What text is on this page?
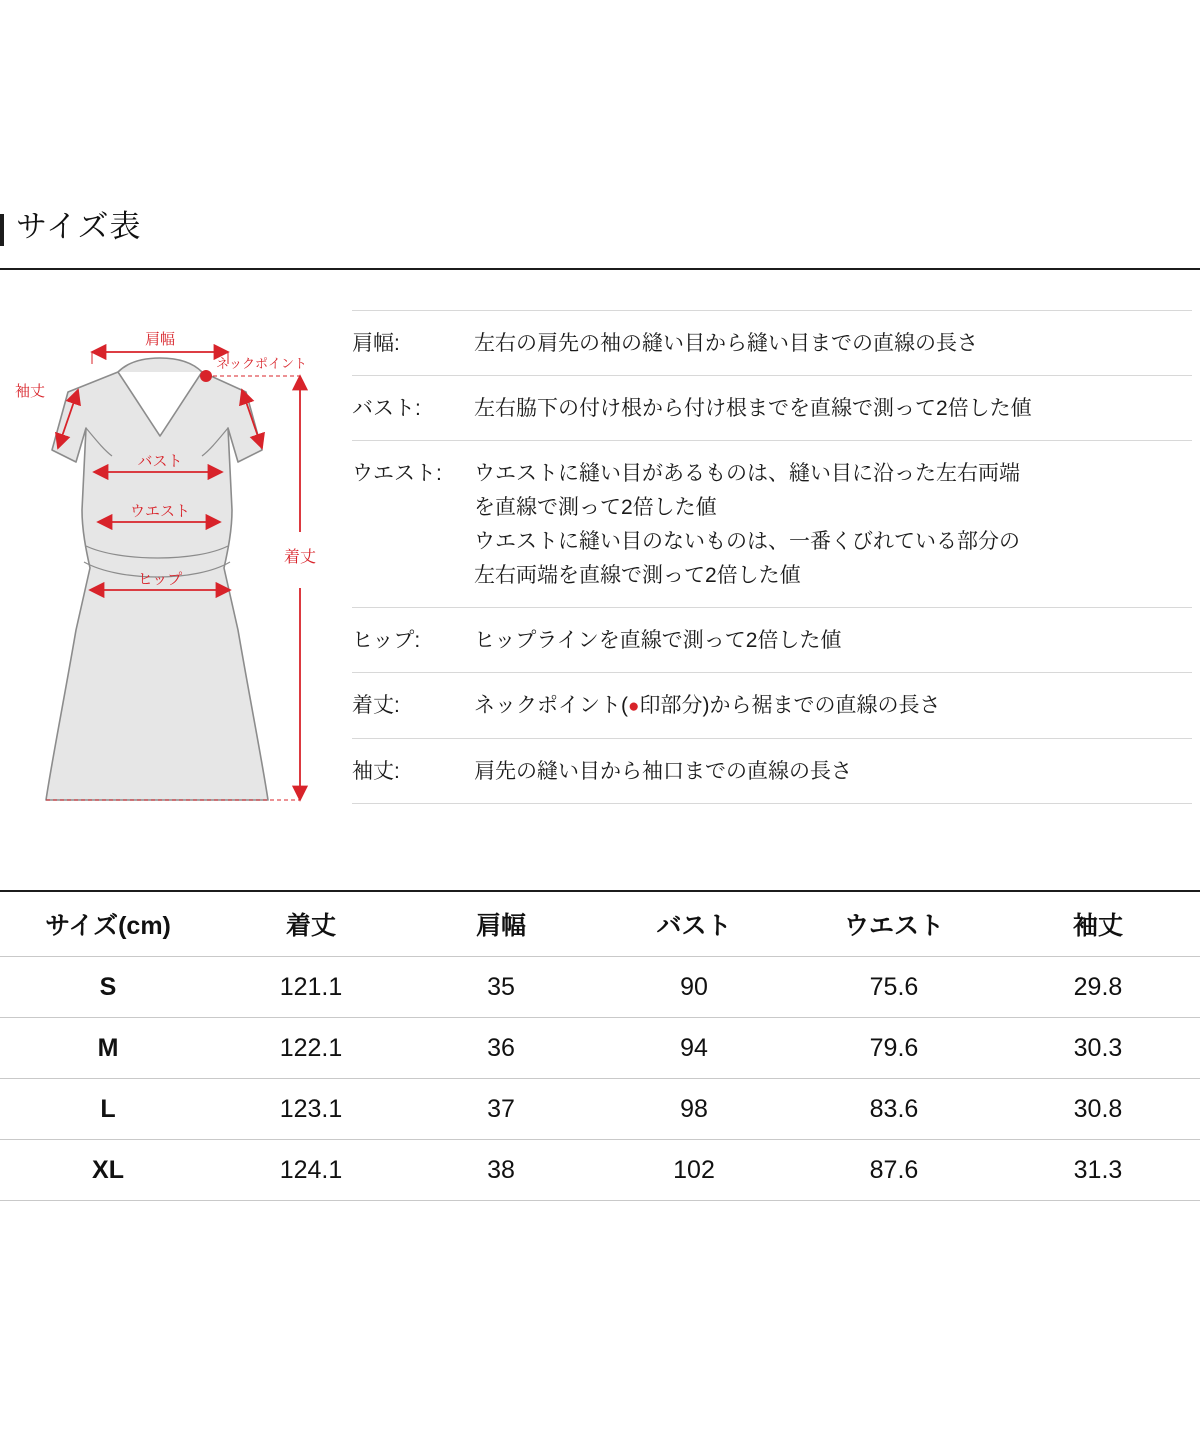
サイズ表
肩幅
ネックポイント
袖丈
バスト
ウエスト
ヒップ
着丈
肩幅:	左右の肩先の袖の縫い目から縫い目までの直線の長さ
バスト:	左右脇下の付け根から付け根までを直線で測って2倍した値
ウエスト:	ウエストに縫い目があるものは、縫い目に沿った左右両端
を直線で測って2倍した値
ウエストに縫い目のないものは、一番くびれている部分の
左右両端を直線で測って2倍した値
ヒップ:	ヒップラインを直線で測って2倍した値
着丈:	ネックポイント(●印部分)から裾までの直線の長さ
袖丈:	肩先の縫い目から袖口までの直線の長さ
サイズ(cm)	着丈	肩幅	バスト	ウエスト	袖丈
S	121.1	35	90	75.6	29.8
M	122.1	36	94	79.6	30.3
L	123.1	37	98	83.6	30.8
XL	124.1	38	102	87.6	31.3
